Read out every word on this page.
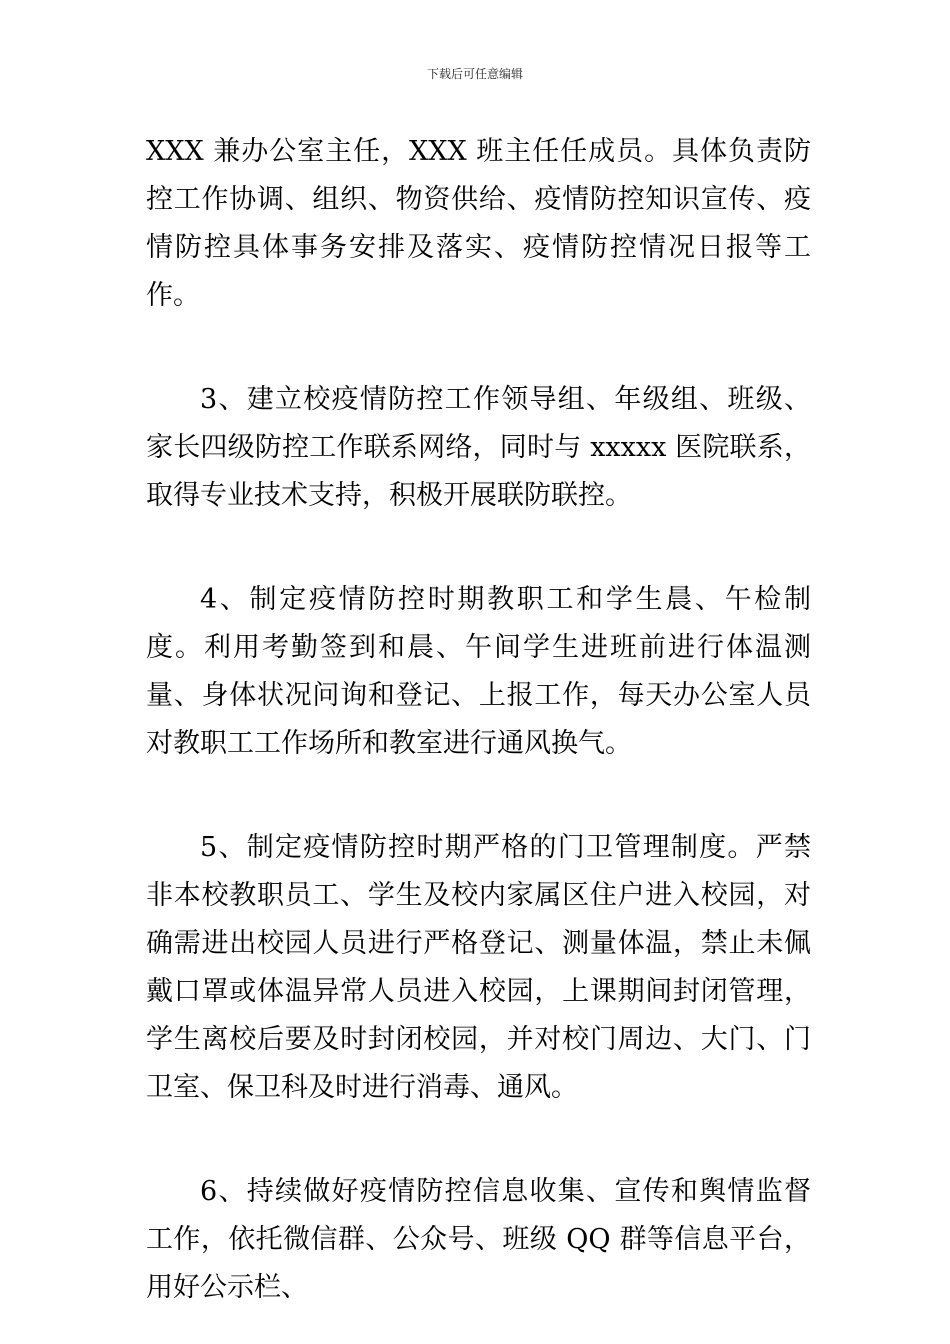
下载后可任意编辑

XXX 兼办公室主任，XXX 班主任任成员。具体负责防控工作协调、组织、物资供给、疫情防控知识宣传、疫情防控具体事务安排及落实、疫情防控情况日报等工作。

3、建立校疫情防控工作领导组、年级组、班级、家长四级防控工作联系网络，同时与 xxxxx 医院联系，取得专业技术支持，积极开展联防联控。

4、制定疫情防控时期教职工和学生晨、午检制度。利用考勤签到和晨、午间学生进班前进行体温测量、身体状况问询和登记、上报工作，每天办公室人员对教职工工作场所和教室进行通风换气。

5、制定疫情防控时期严格的门卫管理制度。严禁非本校教职员工、学生及校内家属区住户进入校园，对确需进出校园人员进行严格登记、测量体温，禁止未佩戴口罩或体温异常人员进入校园，上课期间封闭管理，学生离校后要及时封闭校园，并对校门周边、大门、门卫室、保卫科及时进行消毒、通风。

6、持续做好疫情防控信息收集、宣传和舆情监督工作，依托微信群、公众号、班级 QQ 群等信息平台，用好公示栏、
